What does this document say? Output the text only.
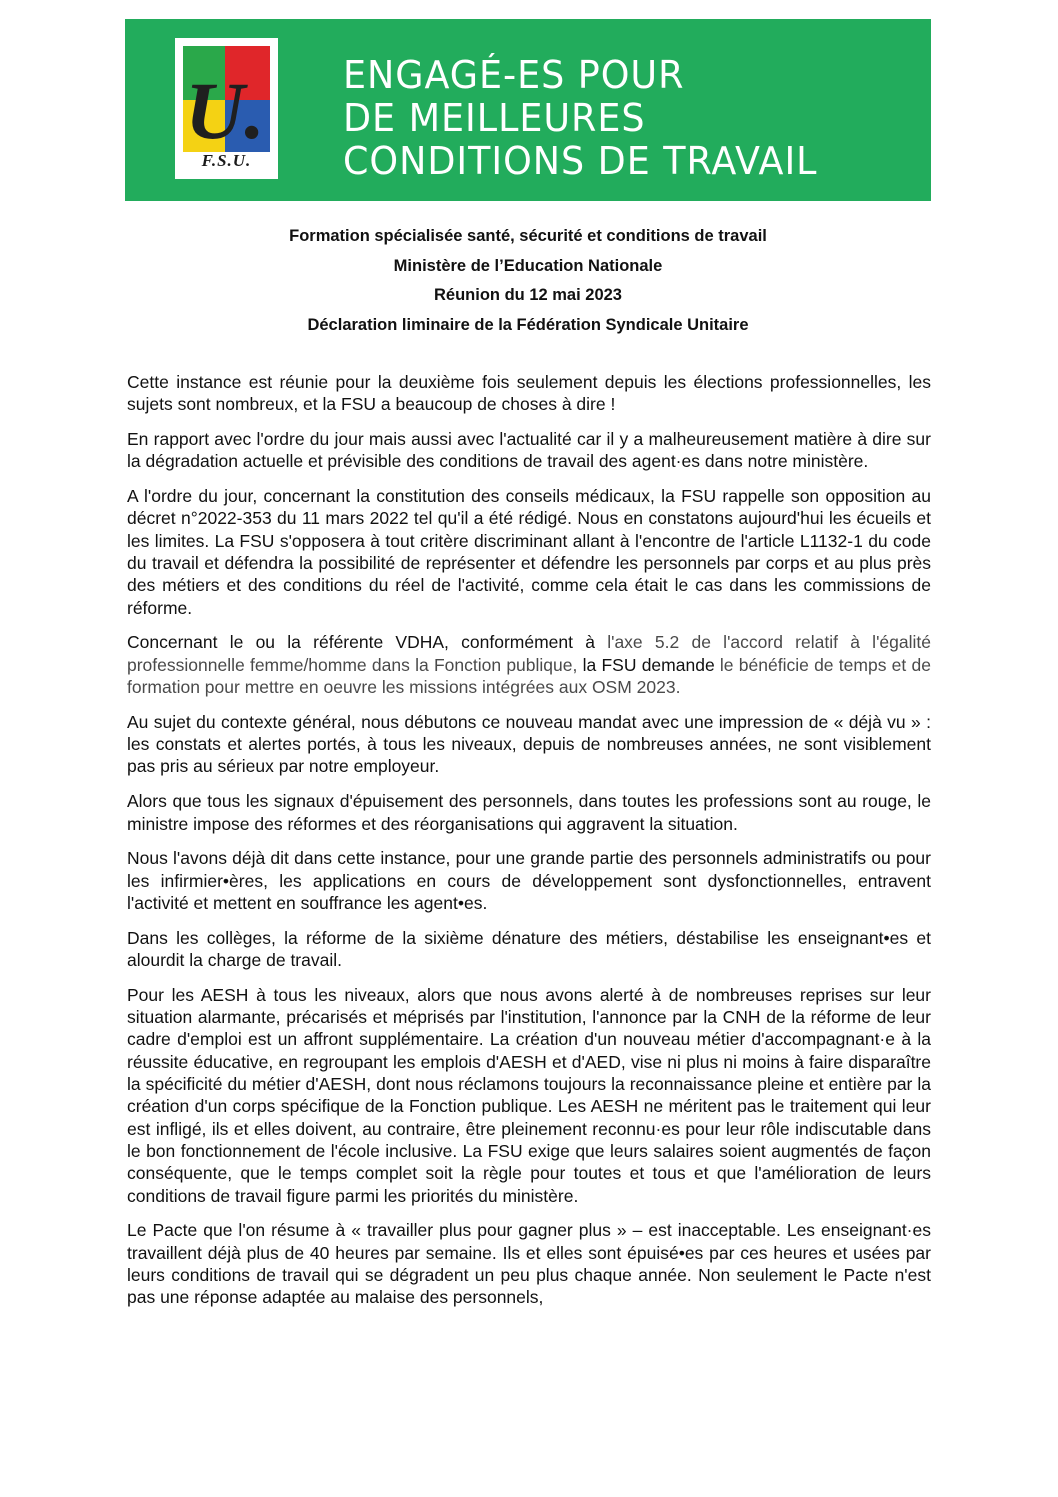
U.
F.S.U.
ENGAGÉ-ES POUR
DE MEILLEURES
CONDITIONS DE TRAVAIL
Formation spécialisée santé, sécurité et conditions de travail
Ministère de l’Education Nationale
Réunion du 12 mai 2023
Déclaration liminaire de la Fédération Syndicale Unitaire

Cette instance est réunie pour la deuxième fois seulement depuis les élections professionnelles, les sujets sont nombreux, et la FSU a beaucoup de choses à dire !

En rapport avec l'ordre du jour mais aussi avec l'actualité car il y a malheureusement matière à dire sur la dégradation actuelle et prévisible des conditions de travail des agent·es dans notre ministère.

A l'ordre du jour, concernant la constitution des conseils médicaux, la FSU rappelle son opposition au décret n°2022-353 du 11 mars 2022 tel qu'il a été rédigé. Nous en constatons aujourd'hui les écueils et les limites. La FSU s'opposera à tout critère discriminant allant à l'encontre de l'article L1132-1 du code du travail et défendra la possibilité de représenter et défendre les personnels par corps et au plus près des métiers et des conditions du réel de l'activité, comme cela était le cas dans les commissions de réforme.

Concernant le ou la référente VDHA, conformément à l'axe 5.2 de l'accord relatif à l'égalité professionnelle femme/homme dans la Fonction publique, la FSU demande le bénéficie de temps et de formation pour mettre en oeuvre les missions intégrées aux OSM 2023.

Au sujet du contexte général, nous débutons ce nouveau mandat avec une impression de « déjà vu » : les constats et alertes portés, à tous les niveaux, depuis de nombreuses années, ne sont visiblement pas pris au sérieux par notre employeur.

Alors que tous les signaux d'épuisement des personnels, dans toutes les professions sont au rouge, le ministre impose des réformes et des réorganisations qui aggravent la situation.

Nous l'avons déjà dit dans cette instance, pour une grande partie des personnels administratifs ou pour les infirmier•ères, les applications en cours de développement sont dysfonctionnelles, entravent l'activité et mettent en souffrance les agent•es.

Dans les collèges, la réforme de la sixième dénature des métiers, déstabilise les enseignant•es et alourdit la charge de travail.

Pour les AESH à tous les niveaux, alors que nous avons alerté à de nombreuses reprises sur leur situation alarmante, précarisés et méprisés par l'institution, l'annonce par la CNH de la réforme de leur cadre d'emploi est un affront supplémentaire. La création d'un nouveau métier d'accompagnant·e à la réussite éducative, en regroupant les emplois d'AESH et d'AED, vise ni plus ni moins à faire disparaître la spécificité du métier d'AESH, dont nous réclamons toujours la reconnaissance pleine et entière par la création d'un corps spécifique de la Fonction publique. Les AESH ne méritent pas le traitement qui leur est infligé, ils et elles doivent, au contraire, être pleinement reconnu·es pour leur rôle indiscutable dans le bon fonctionnement de l'école inclusive. La FSU exige que leurs salaires soient augmentés de façon conséquente, que le temps complet soit la règle pour toutes et tous et que l'amélioration de leurs conditions de travail figure parmi les priorités du ministère.

Le Pacte que l'on résume à « travailler plus pour gagner plus » – est inacceptable. Les enseignant·es travaillent déjà plus de 40 heures par semaine. Ils et elles sont épuisé•es par ces heures et usées par leurs conditions de travail qui se dégradent un peu plus chaque année. Non seulement le Pacte n'est pas une réponse adaptée au malaise des personnels,
